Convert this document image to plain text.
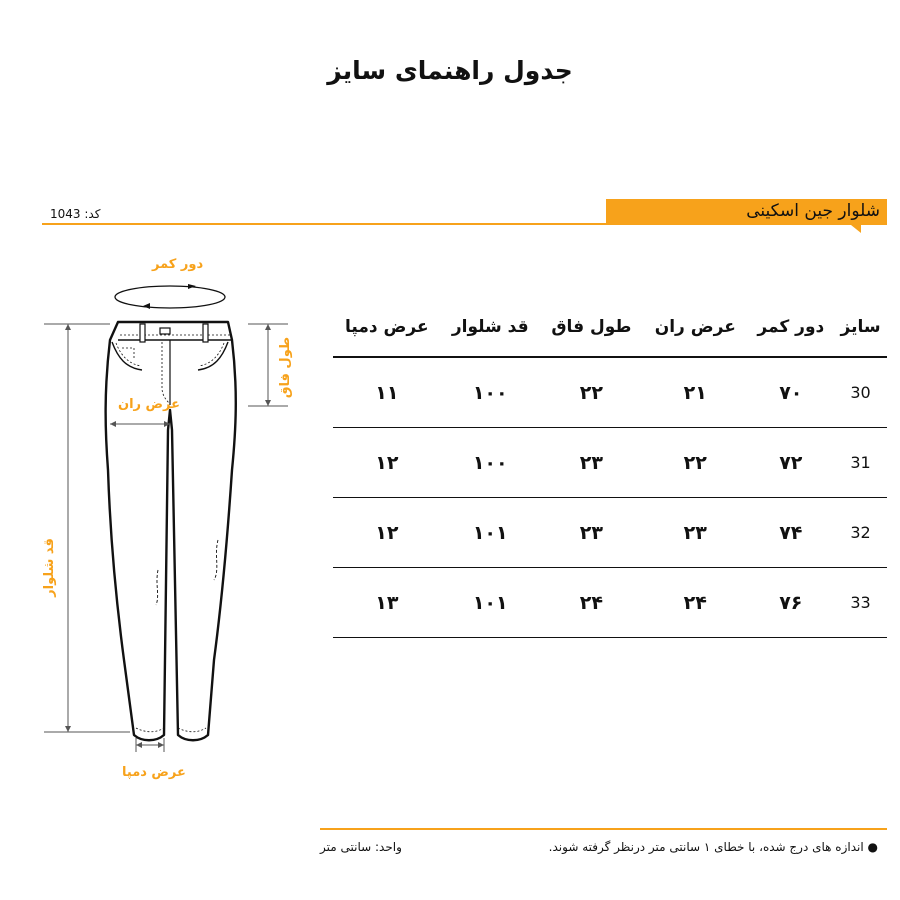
جدول راهنمای سایز
کد: 1043	شلوار جین اسکینی
دور کمر
عرض ران
عرض دمپا
طول فاق
قد شلوار
سایز	دور کمر	عرض ران	طول فاق	قد شلوار	عرض دمپا
30	۷۰	۲۱	۲۲	۱۰۰	۱۱
31	۷۲	۲۲	۲۳	۱۰۰	۱۲
32	۷۴	۲۳	۲۳	۱۰۱	۱۲
33	۷۶	۲۴	۲۴	۱۰۱	۱۳
● اندازه های درج شده، با خطای ۱ سانتی متر درنظر گرفته شوند.
واحد: سانتی متر
